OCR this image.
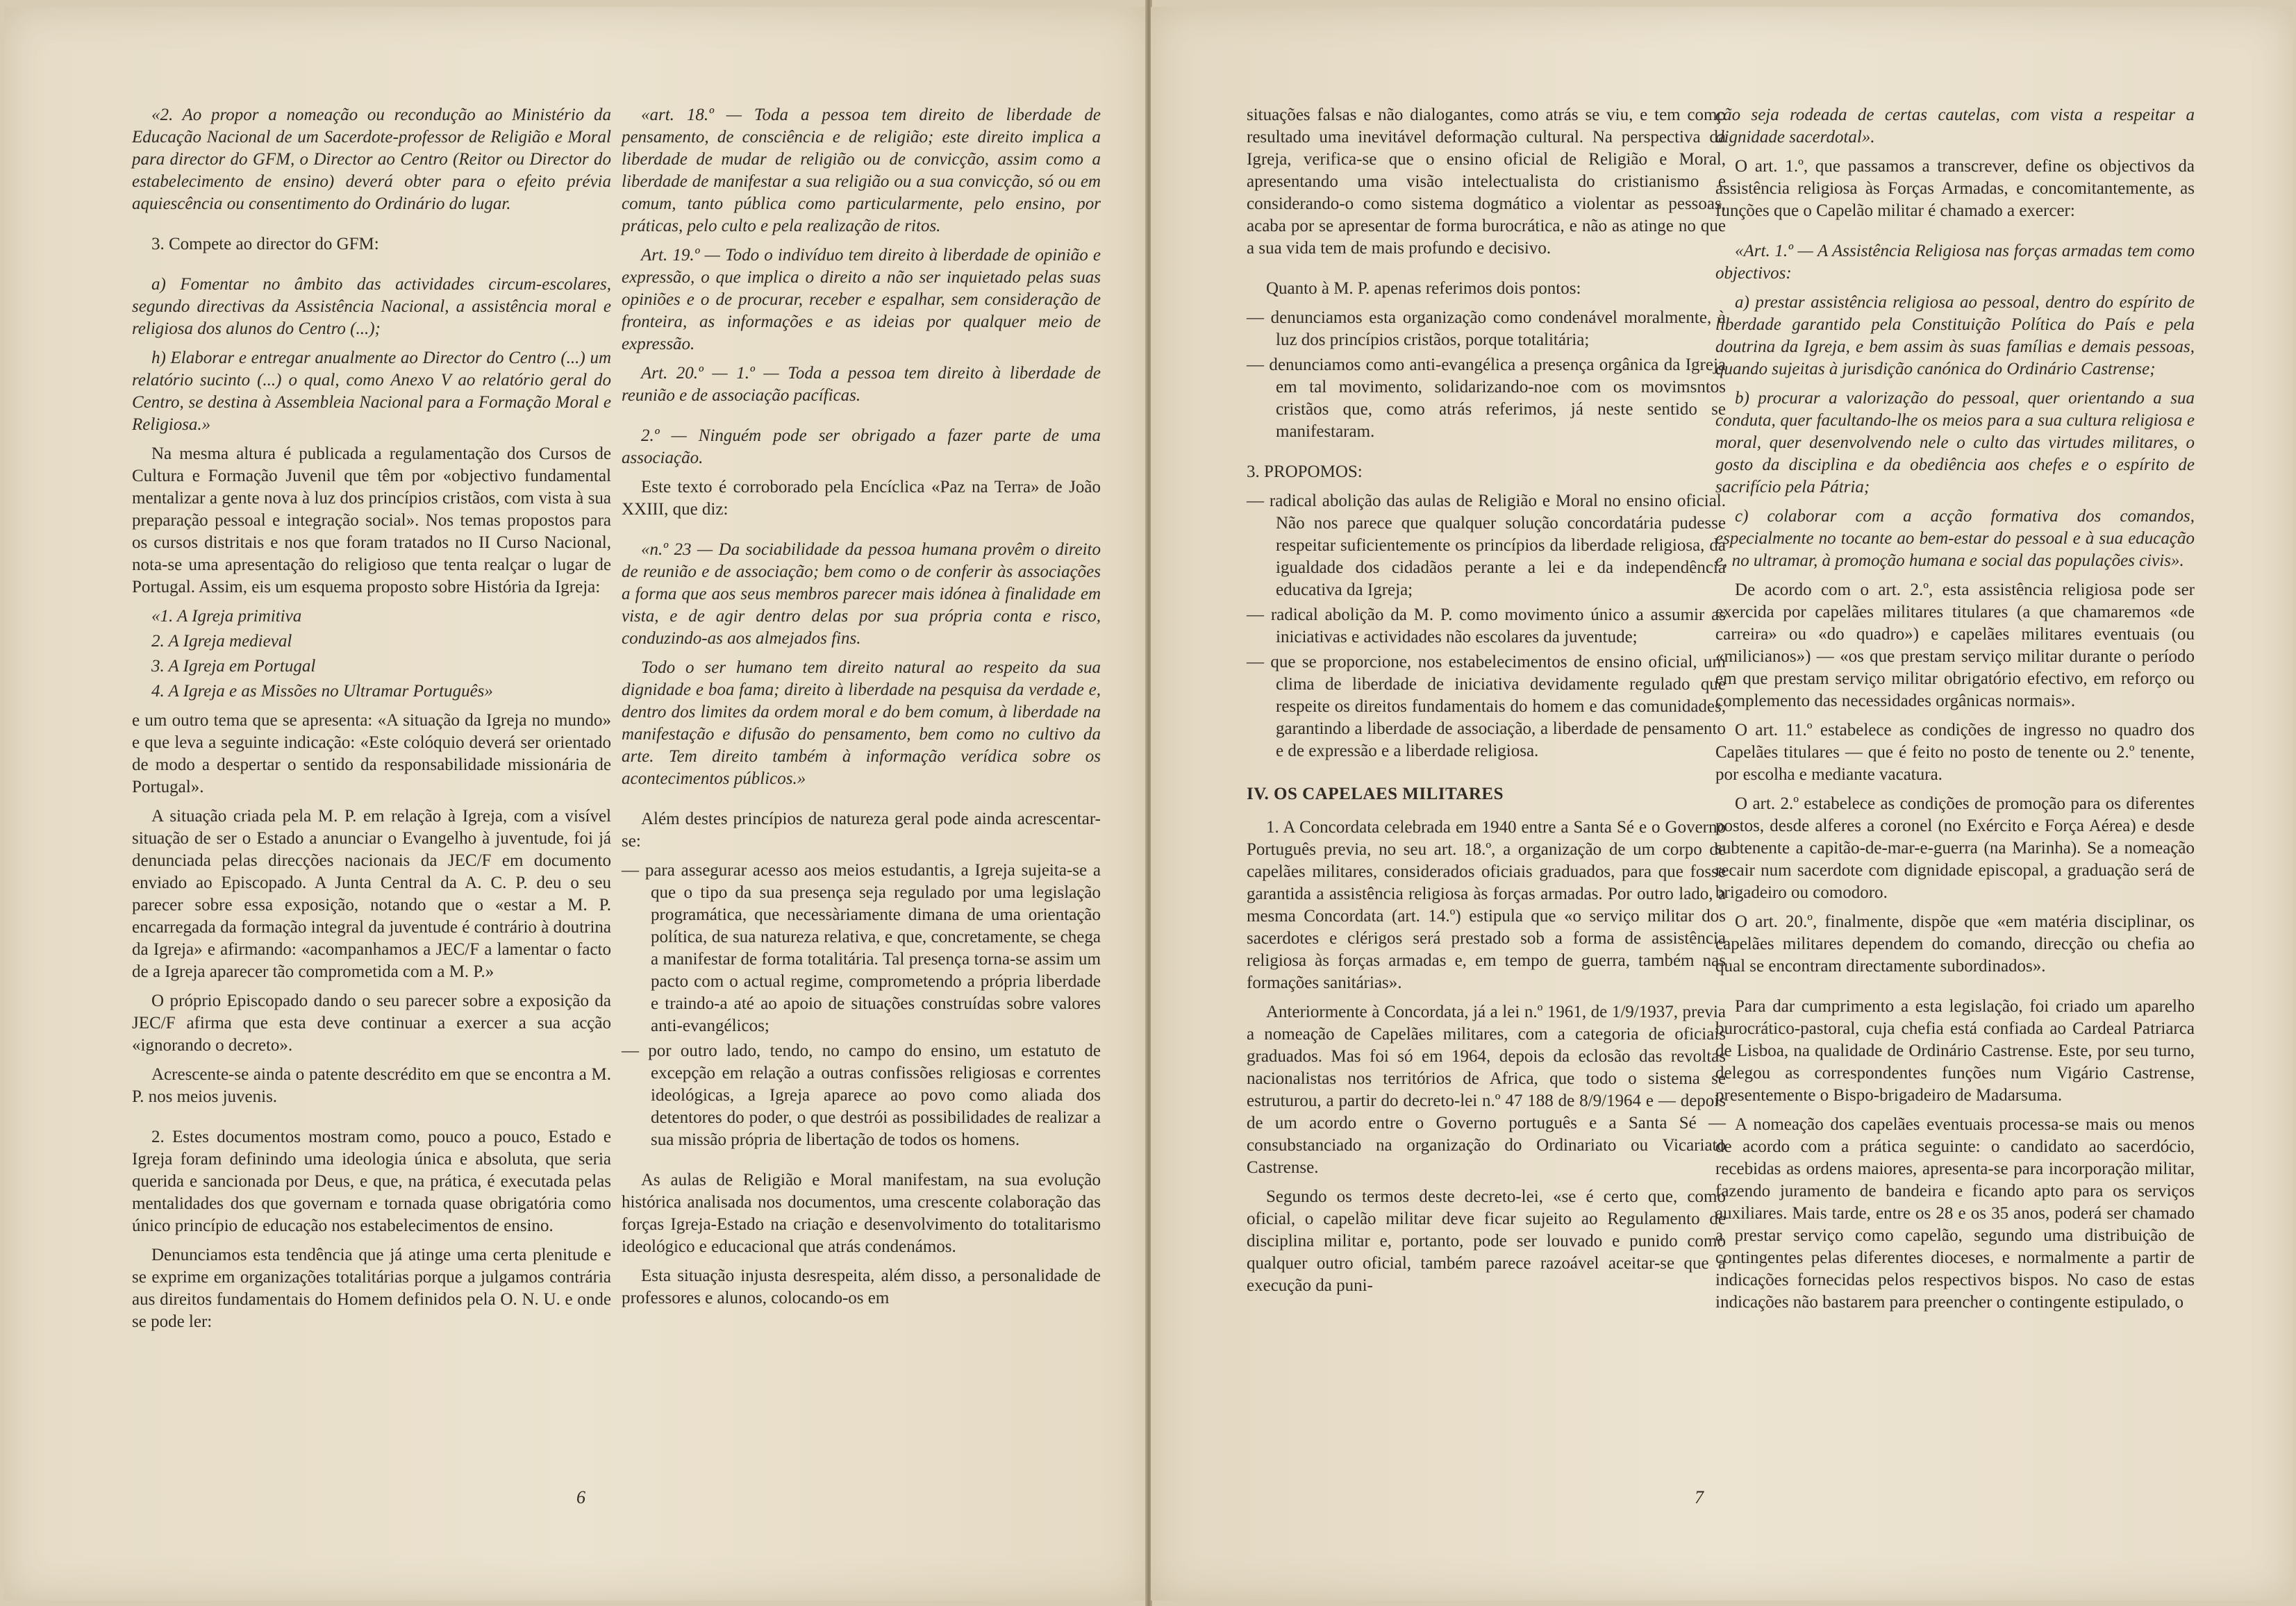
«2. Ao propor a nomeação ou recondução ao Ministério da Educação Nacional de um Sacerdote-professor de Religião e Moral para director do GFM, o Director ao Centro (Reitor ou Director do estabelecimento de ensino) deverá obter para o efeito prévia aquiescência ou consentimento do Ordinário do lugar.

3. Compete ao director do GFM:

a) Fomentar no âmbito das actividades circum-escolares, segundo directivas da Assistência Nacional, a assistência moral e religiosa dos alunos do Centro (...);

h) Elaborar e entregar anualmente ao Director do Centro (...) um relatório sucinto (...) o qual, como Anexo V ao relatório geral do Centro, se destina à Assembleia Nacional para a Formação Moral e Religiosa.»

Na mesma altura é publicada a regulamentação dos Cursos de Cultura e Formação Juvenil que têm por «objectivo fundamental mentalizar a gente nova à luz dos princípios cristãos, com vista à sua preparação pessoal e integração social». Nos temas propostos para os cursos distritais e nos que foram tratados no II Curso Nacional, nota-se uma apresentação do religioso que tenta realçar o lugar de Portugal. Assim, eis um esquema proposto sobre História da Igreja:

«1. A Igreja primitiva
2. A Igreja medieval
3. A Igreja em Portugal
4. A Igreja e as Missões no Ultramar Português»

e um outro tema que se apresenta: «A situação da Igreja no mundo» e que leva a seguinte indicação: «Este colóquio deverá ser orientado de modo a despertar o sentido da responsabilidade missionária de Portugal».

A situação criada pela M. P. em relação à Igreja, com a visível situação de ser o Estado a anunciar o Evangelho à juventude, foi já denunciada pelas direcções nacionais da JEC/F em documento enviado ao Episcopado. A Junta Central da A. C. P. deu o seu parecer sobre essa exposição, notando que o «estar a M. P. encarregada da formação integral da juventude é contrário à doutrina da Igreja» e afirmando: «acompanhamos a JEC/F a lamentar o facto de a Igreja aparecer tão comprometida com a M. P.»

O próprio Episcopado dando o seu parecer sobre a exposição da JEC/F afirma que esta deve continuar a exercer a sua acção «ignorando o decreto».

Acrescente-se ainda o patente descrédito em que se encontra a M. P. nos meios juvenis.

2. Estes documentos mostram como, pouco a pouco, Estado e Igreja foram definindo uma ideologia única e absoluta, que seria querida e sancionada por Deus, e que, na prática, é executada pelas mentalidades dos que governam e tornada quase obrigatória como único princípio de educação nos estabelecimentos de ensino.

Denunciamos esta tendência que já atinge uma certa plenitude e se exprime em organizações totalitárias porque a julgamos contrária aus direitos fundamentais do Homem definidos pela O. N. U. e onde se pode ler:

«art. 18.º — Toda a pessoa tem direito de liberdade de pensamento, de consciência e de religião; este direito implica a liberdade de mudar de religião ou de convicção, assim como a liberdade de manifestar a sua religião ou a sua convicção, só ou em comum, tanto pública como particularmente, pelo ensino, por práticas, pelo culto e pela realização de ritos.

Art. 19.º — Todo o indivíduo tem direito à liberdade de opinião e expressão, o que implica o direito a não ser inquietado pelas suas opiniões e o de procurar, receber e espalhar, sem consideração de fronteira, as informações e as ideias por qualquer meio de expressão.

Art. 20.º — 1.º — Toda a pessoa tem direito à liberdade de reunião e de associação pacíficas.

2.º — Ninguém pode ser obrigado a fazer parte de uma associação.

Este texto é corroborado pela Encíclica «Paz na Terra» de João XXIII, que diz:

«n.º 23 — Da sociabilidade da pessoa humana provêm o direito de reunião e de associação; bem como o de conferir às associações a forma que aos seus membros parecer mais idónea à finalidade em vista, e de agir dentro delas por sua própria conta e risco, conduzindo-as aos almejados fins.

Todo o ser humano tem direito natural ao respeito da sua dignidade e boa fama; direito à liberdade na pesquisa da verdade e, dentro dos limites da ordem moral e do bem comum, à liberdade na manifestação e difusão do pensamento, bem como no cultivo da arte. Tem direito também à informação verídica sobre os acontecimentos públicos.»

Além destes princípios de natureza geral pode ainda acrescentar-se:

— para assegurar acesso aos meios estudantis, a Igreja sujeita-se a que o tipo da sua presença seja regulado por uma legislação programática, que necessàriamente dimana de uma orientação política, de sua natureza relativa, e que, concretamente, se chega a manifestar de forma totalitária. Tal presença torna-se assim um pacto com o actual regime, comprometendo a própria liberdade e traindo-a até ao apoio de situações construídas sobre valores anti-evangélicos;
— por outro lado, tendo, no campo do ensino, um estatuto de excepção em relação a outras confissões religiosas e correntes ideológicas, a Igreja aparece ao povo como aliada dos detentores do poder, o que destrói as possibilidades de realizar a sua missão própria de libertação de todos os homens.

As aulas de Religião e Moral manifestam, na sua evolução histórica analisada nos documentos, uma crescente colaboração das forças Igreja-Estado na criação e desenvolvimento do totalitarismo ideológico e educacional que atrás condenámos.

Esta situação injusta desrespeita, além disso, a personalidade de professores e alunos, colocando-os em

6

situações falsas e não dialogantes, como atrás se viu, e tem como resultado uma inevitável deformação cultural. Na perspectiva da Igreja, verifica-se que o ensino oficial de Religião e Moral, apresentando uma visão intelectualista do cristianismo e considerando-o como sistema dogmático a violentar as pessoas, acaba por se apresentar de forma burocrática, e não as atinge no que a sua vida tem de mais profundo e decisivo.

Quanto à M. P. apenas referimos dois pontos:

— denunciamos esta organização como condenável moralmente, à luz dos princípios cristãos, porque totalitária;
— denunciamos como anti-evangélica a presença orgânica da Igreja em tal movimento, solidarizando-noe com os movimsntos cristãos que, como atrás referimos, já neste sentido se manifestaram.

3. PROPOMOS:

— radical abolição das aulas de Religião e Moral no ensino oficial. Não nos parece que qualquer solução concordatária pudesse respeitar suficientemente os princípios da liberdade religiosa, da igualdade dos cidadãos perante a lei e da independência educativa da Igreja;
— radical abolição da M. P. como movimento único a assumir as iniciativas e actividades não escolares da juventude;
— que se proporcione, nos estabelecimentos de ensino oficial, um clima de liberdade de iniciativa devidamente regulado que respeite os direitos fundamentais do homem e das comunidades, garantindo a liberdade de associação, a liberdade de pensamento e de expressão e a liberdade religiosa.

IV. OS CAPELAES MILITARES

1. A Concordata celebrada em 1940 entre a Santa Sé e o Governo Português previa, no seu art. 18.º, a organização de um corpo de capelães militares, considerados oficiais graduados, para que fosse garantida a assistência religiosa às forças armadas. Por outro lado, a mesma Concordata (art. 14.º) estipula que «o serviço militar dos sacerdotes e clérigos será prestado sob a forma de assistência religiosa às forças armadas e, em tempo de guerra, também nas formações sanitárias».

Anteriormente à Concordata, já a lei n.º 1961, de 1/9/1937, previa a nomeação de Capelães militares, com a categoria de oficiais graduados. Mas foi só em 1964, depois da eclosão das revoltas nacionalistas nos territórios de Africa, que todo o sistema se estruturou, a partir do decreto-lei n.º 47 188 de 8/9/1964 e — depois de um acordo entre o Governo português e a Santa Sé — consubstanciado na organização do Ordinariato ou Vicariato Castrense.

Segundo os termos deste decreto-lei, «se é certo que, como oficial, o capelão militar deve ficar sujeito ao Regulamento de disciplina militar e, portanto, pode ser louvado e punido como qualquer outro oficial, também parece razoável aceitar-se que a execução da puni-

ção seja rodeada de certas cautelas, com vista a respeitar a dignidade sacerdotal».

O art. 1.º, que passamos a transcrever, define os objectivos da assistência religiosa às Forças Armadas, e concomitantemente, as funções que o Capelão militar é chamado a exercer:

«Art. 1.º — A Assistência Religiosa nas forças armadas tem como objectivos:

a) prestar assistência religiosa ao pessoal, dentro do espírito de liberdade garantido pela Constituição Política do País e pela doutrina da Igreja, e bem assim às suas famílias e demais pessoas, quando sujeitas à jurisdição canónica do Ordinário Castrense;

b) procurar a valorização do pessoal, quer orientando a sua conduta, quer facultando-lhe os meios para a sua cultura religiosa e moral, quer desenvolvendo nele o culto das virtudes militares, o gosto da disciplina e da obediência aos chefes e o espírito de sacrifício pela Pátria;

c) colaborar com a acção formativa dos comandos, especialmente no tocante ao bem-estar do pessoal e à sua educação e, no ultramar, à promoção humana e social das populações civis».

De acordo com o art. 2.º, esta assistência religiosa pode ser exercida por capelães militares titulares (a que chamaremos «de carreira» ou «do quadro») e capelães militares eventuais (ou «milicianos») — «os que prestam serviço militar durante o período em que prestam serviço militar obrigatório efectivo, em reforço ou complemento das necessidades orgânicas normais».

O art. 11.º estabelece as condições de ingresso no quadro dos Capelães titulares — que é feito no posto de tenente ou 2.º tenente, por escolha e mediante vacatura.

O art. 2.º estabelece as condições de promoção para os diferentes postos, desde alferes a coronel (no Exército e Força Aérea) e desde subtenente a capitão-de-mar-e-guerra (na Marinha). Se a nomeação recair num sacerdote com dignidade episcopal, a graduação será de brigadeiro ou comodoro.

O art. 20.º, finalmente, dispõe que «em matéria disciplinar, os capelães militares dependem do comando, direcção ou chefia ao qual se encontram directamente subordinados».

Para dar cumprimento a esta legislação, foi criado um aparelho burocrático-pastoral, cuja chefia está confiada ao Cardeal Patriarca de Lisboa, na qualidade de Ordinário Castrense. Este, por seu turno, delegou as correspondentes funções num Vigário Castrense, presentemente o Bispo-brigadeiro de Madarsuma.

A nomeação dos capelães eventuais processa-se mais ou menos de acordo com a prática seguinte: o candidato ao sacerdócio, recebidas as ordens maiores, apresenta-se para incorporação militar, fazendo juramento de bandeira e ficando apto para os serviços auxiliares. Mais tarde, entre os 28 e os 35 anos, poderá ser chamado a prestar serviço como capelão, segundo uma distribuição de contingentes pelas diferentes dioceses, e normalmente a partir de indicações fornecidas pelos respectivos bispos. No caso de estas indicações não bastarem para preencher o contingente estipulado, o

7
